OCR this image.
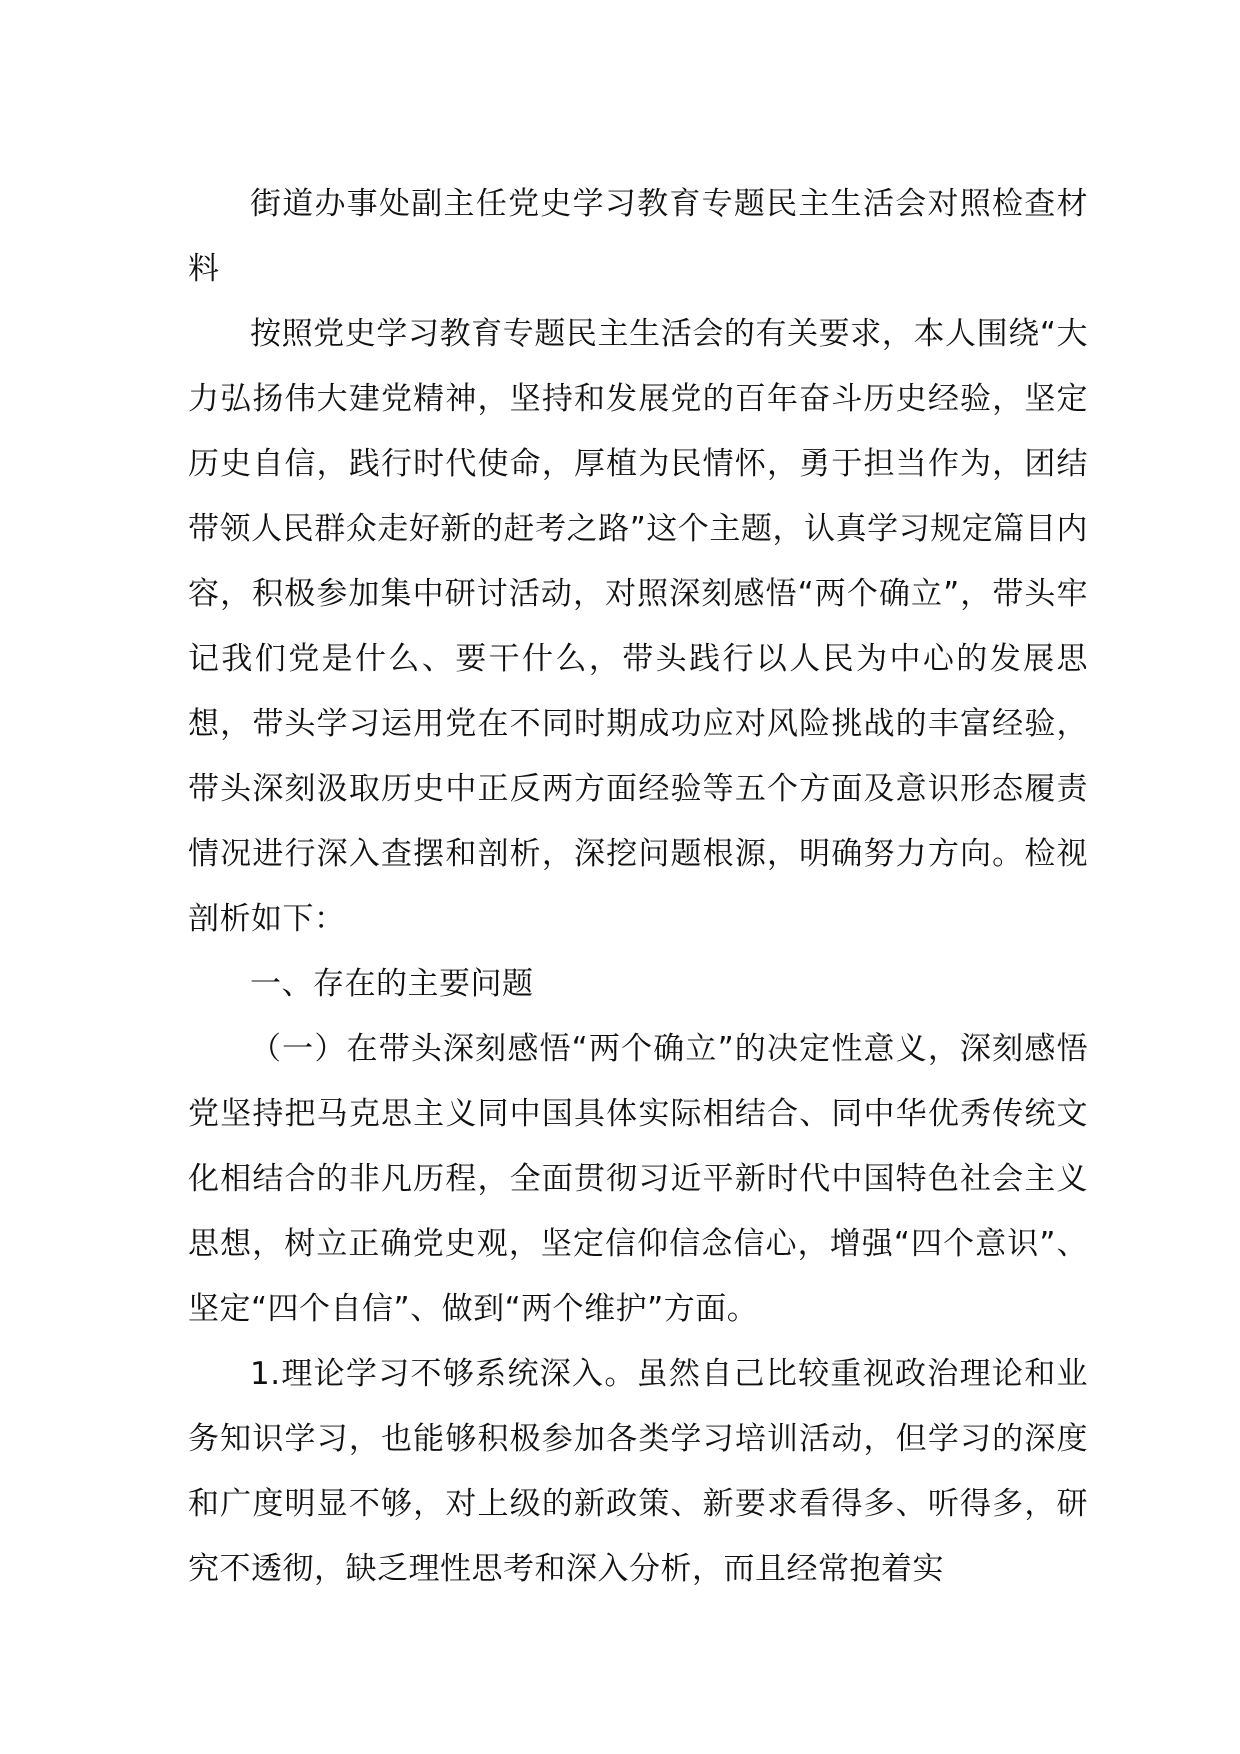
街道办事处副主任党史学习教育专题民主生活会对照检查材料

按照党史学习教育专题民主生活会的有关要求，本人围绕“大力弘扬伟大建党精神，坚持和发展党的百年奋斗历史经验，坚定历史自信，践行时代使命，厚植为民情怀，勇于担当作为，团结带领人民群众走好新的赶考之路”这个主题，认真学习规定篇目内容，积极参加集中研讨活动，对照深刻感悟“两个确立”，带头牢记我们党是什么、要干什么，带头践行以人民为中心的发展思想，带头学习运用党在不同时期成功应对风险挑战的丰富经验，带头深刻汲取历史中正反两方面经验等五个方面及意识形态履责情况进行深入查摆和剖析，深挖问题根源，明确努力方向。检视剖析如下：

一、存在的主要问题

（一）在带头深刻感悟“两个确立”的决定性意义，深刻感悟党坚持把马克思主义同中国具体实际相结合、同中华优秀传统文化相结合的非凡历程，全面贯彻习近平新时代中国特色社会主义思想，树立正确党史观，坚定信仰信念信心，增强“四个意识”、坚定“四个自信”、做到“两个维护”方面。

1.理论学习不够系统深入。虽然自己比较重视政治理论和业务知识学习，也能够积极参加各类学习培训活动，但学习的深度和广度明显不够，对上级的新政策、新要求看得多、听得多，研究不透彻，缺乏理性思考和深入分析，而且经常抱着实
